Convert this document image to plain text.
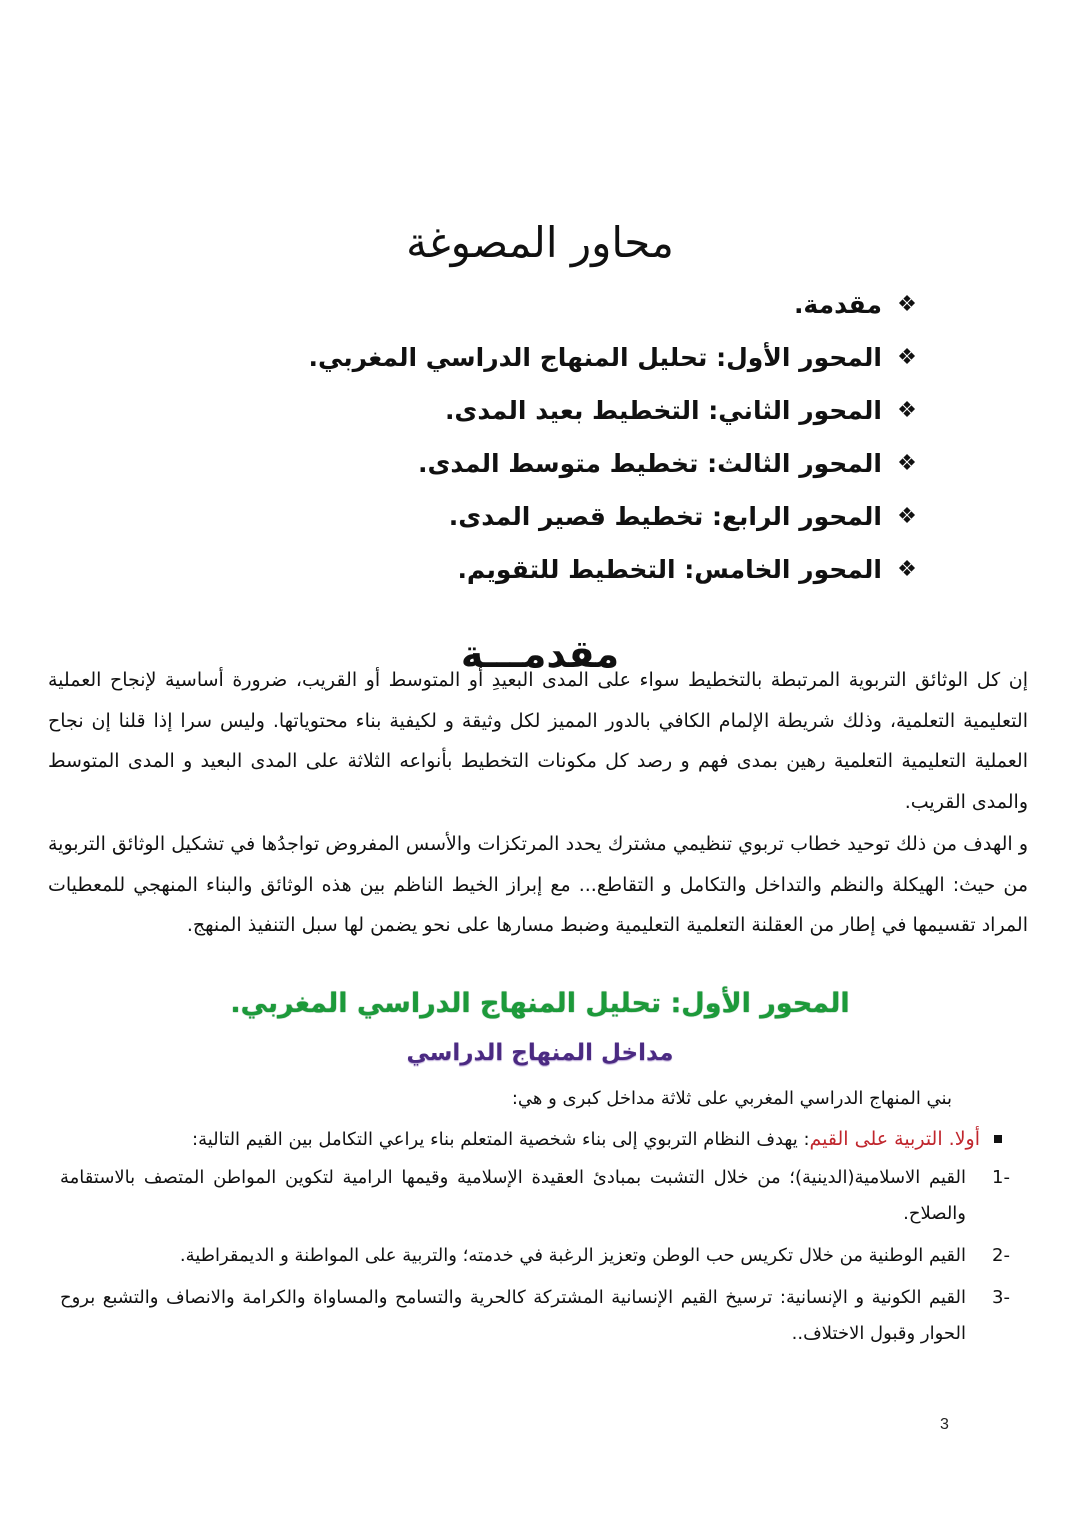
محاور المصوغة
❖
مقدمة.
❖
المحور الأول: تحليل المنهاج الدراسي المغربي.
❖
المحور الثاني: التخطيط بعيد المدى.
❖
المحور الثالث: تخطيط متوسط المدى.
❖
المحور الرابع: تخطيط قصير المدى.
❖
المحور الخامس: التخطيط للتقويم.
مقدمـــة

إن كل الوثائق التربوية المرتبطة بالتخطيط سواء على المدى البعيدِ أو المتوسط أو القريب، ضرورة أساسية لإنجاح العملية التعليمية التعلمية، وذلك شريطة الإلمام الكافي بالدور المميز لكل وثيقة و لكيفية بناء محتوياتها. وليس سرا إذا قلنا إن نجاح العملية التعليمية التعلمية رهين بمدى فهم و رصد كل مكونات التخطيط بأنواعه الثلاثة على المدى البعيد و المدى المتوسط والمدى القريب.

و الهدف من ذلك توحيد خطاب تربوي تنظيمي مشترك يحدد المرتكزات والأسس المفروض تواجدُها في تشكيل الوثائق التربوية من حيث: الهيكلة والنظم والتداخل والتكامل و التقاطع... مع إبراز الخيط الناظم بين هذه الوثائق والبناء المنهجي للمعطيات المراد تقسيمها في إطار من العقلنة التعلمية التعليمية وضبط مسارها على نحو يضمن لها سبل التنفيذ المنهج.

المحور الأول: تحليل المنهاج الدراسي المغربي.
مداخل المنهاج الدراسي

بني المنهاج الدراسي المغربي على ثلاثة مداخل كبرى و هي:

أولا. التربية على القيم: يهدف النظام التربوي إلى بناء شخصية المتعلم بناء يراعي التكامل بين القيم التالية:
-1
القيم الاسلامية(الدينية)؛ من خلال التشبت بمبادئ العقيدة الإسلامية وقيمها الرامية لتكوين المواطن المتصف بالاستقامة والصلاح.
-2
القيم الوطنية من خلال تكريس حب الوطن وتعزيز الرغبة في خدمته؛ والتربية على المواطنة و الديمقراطية.
-3
القيم الكونية و الإنسانية: ترسيخ القيم الإنسانية المشتركة كالحرية والتسامح والمساواة والكرامة والانصاف والتشبع بروح الحوار وقبول الاختلاف..
3
